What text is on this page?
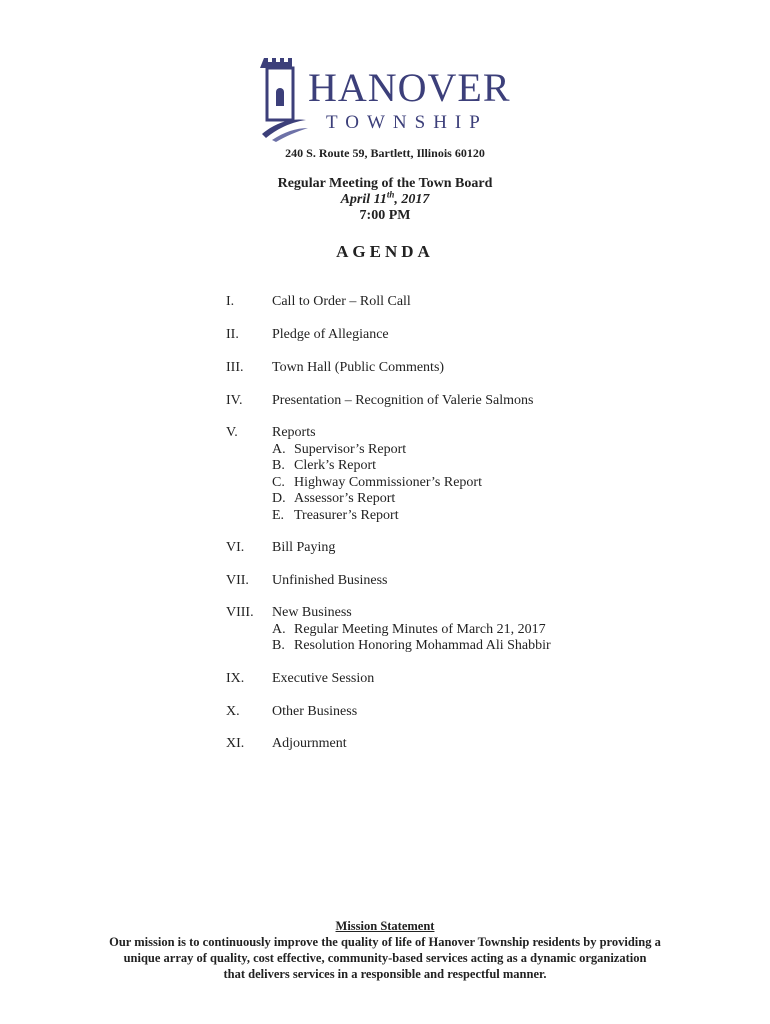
HANOVER
TOWNSHIP
240 S. Route 59, Bartlett, Illinois 60120
Regular Meeting of the Town Board
April 11th, 2017
7:00 PM
AGENDA
I.	Call to Order – Roll Call
II.	Pledge of Allegiance
III.	Town Hall (Public Comments)
IV.	Presentation – Recognition of Valerie Salmons
V.	Reports
A. Supervisor’s Report
B. Clerk’s Report
C. Highway Commissioner’s Report
D. Assessor’s Report
E. Treasurer’s Report
VI.	Bill Paying
VII.	Unfinished Business
VIII.	New Business
A. Regular Meeting Minutes of March 21, 2017
B. Resolution Honoring Mohammad Ali Shabbir
IX.	Executive Session
X.	Other Business
XI.	Adjournment
Mission Statement
Our mission is to continuously improve the quality of life of Hanover Township residents by providing a
unique array of quality, cost effective, community-based services acting as a dynamic organization
that delivers services in a responsible and respectful manner.
